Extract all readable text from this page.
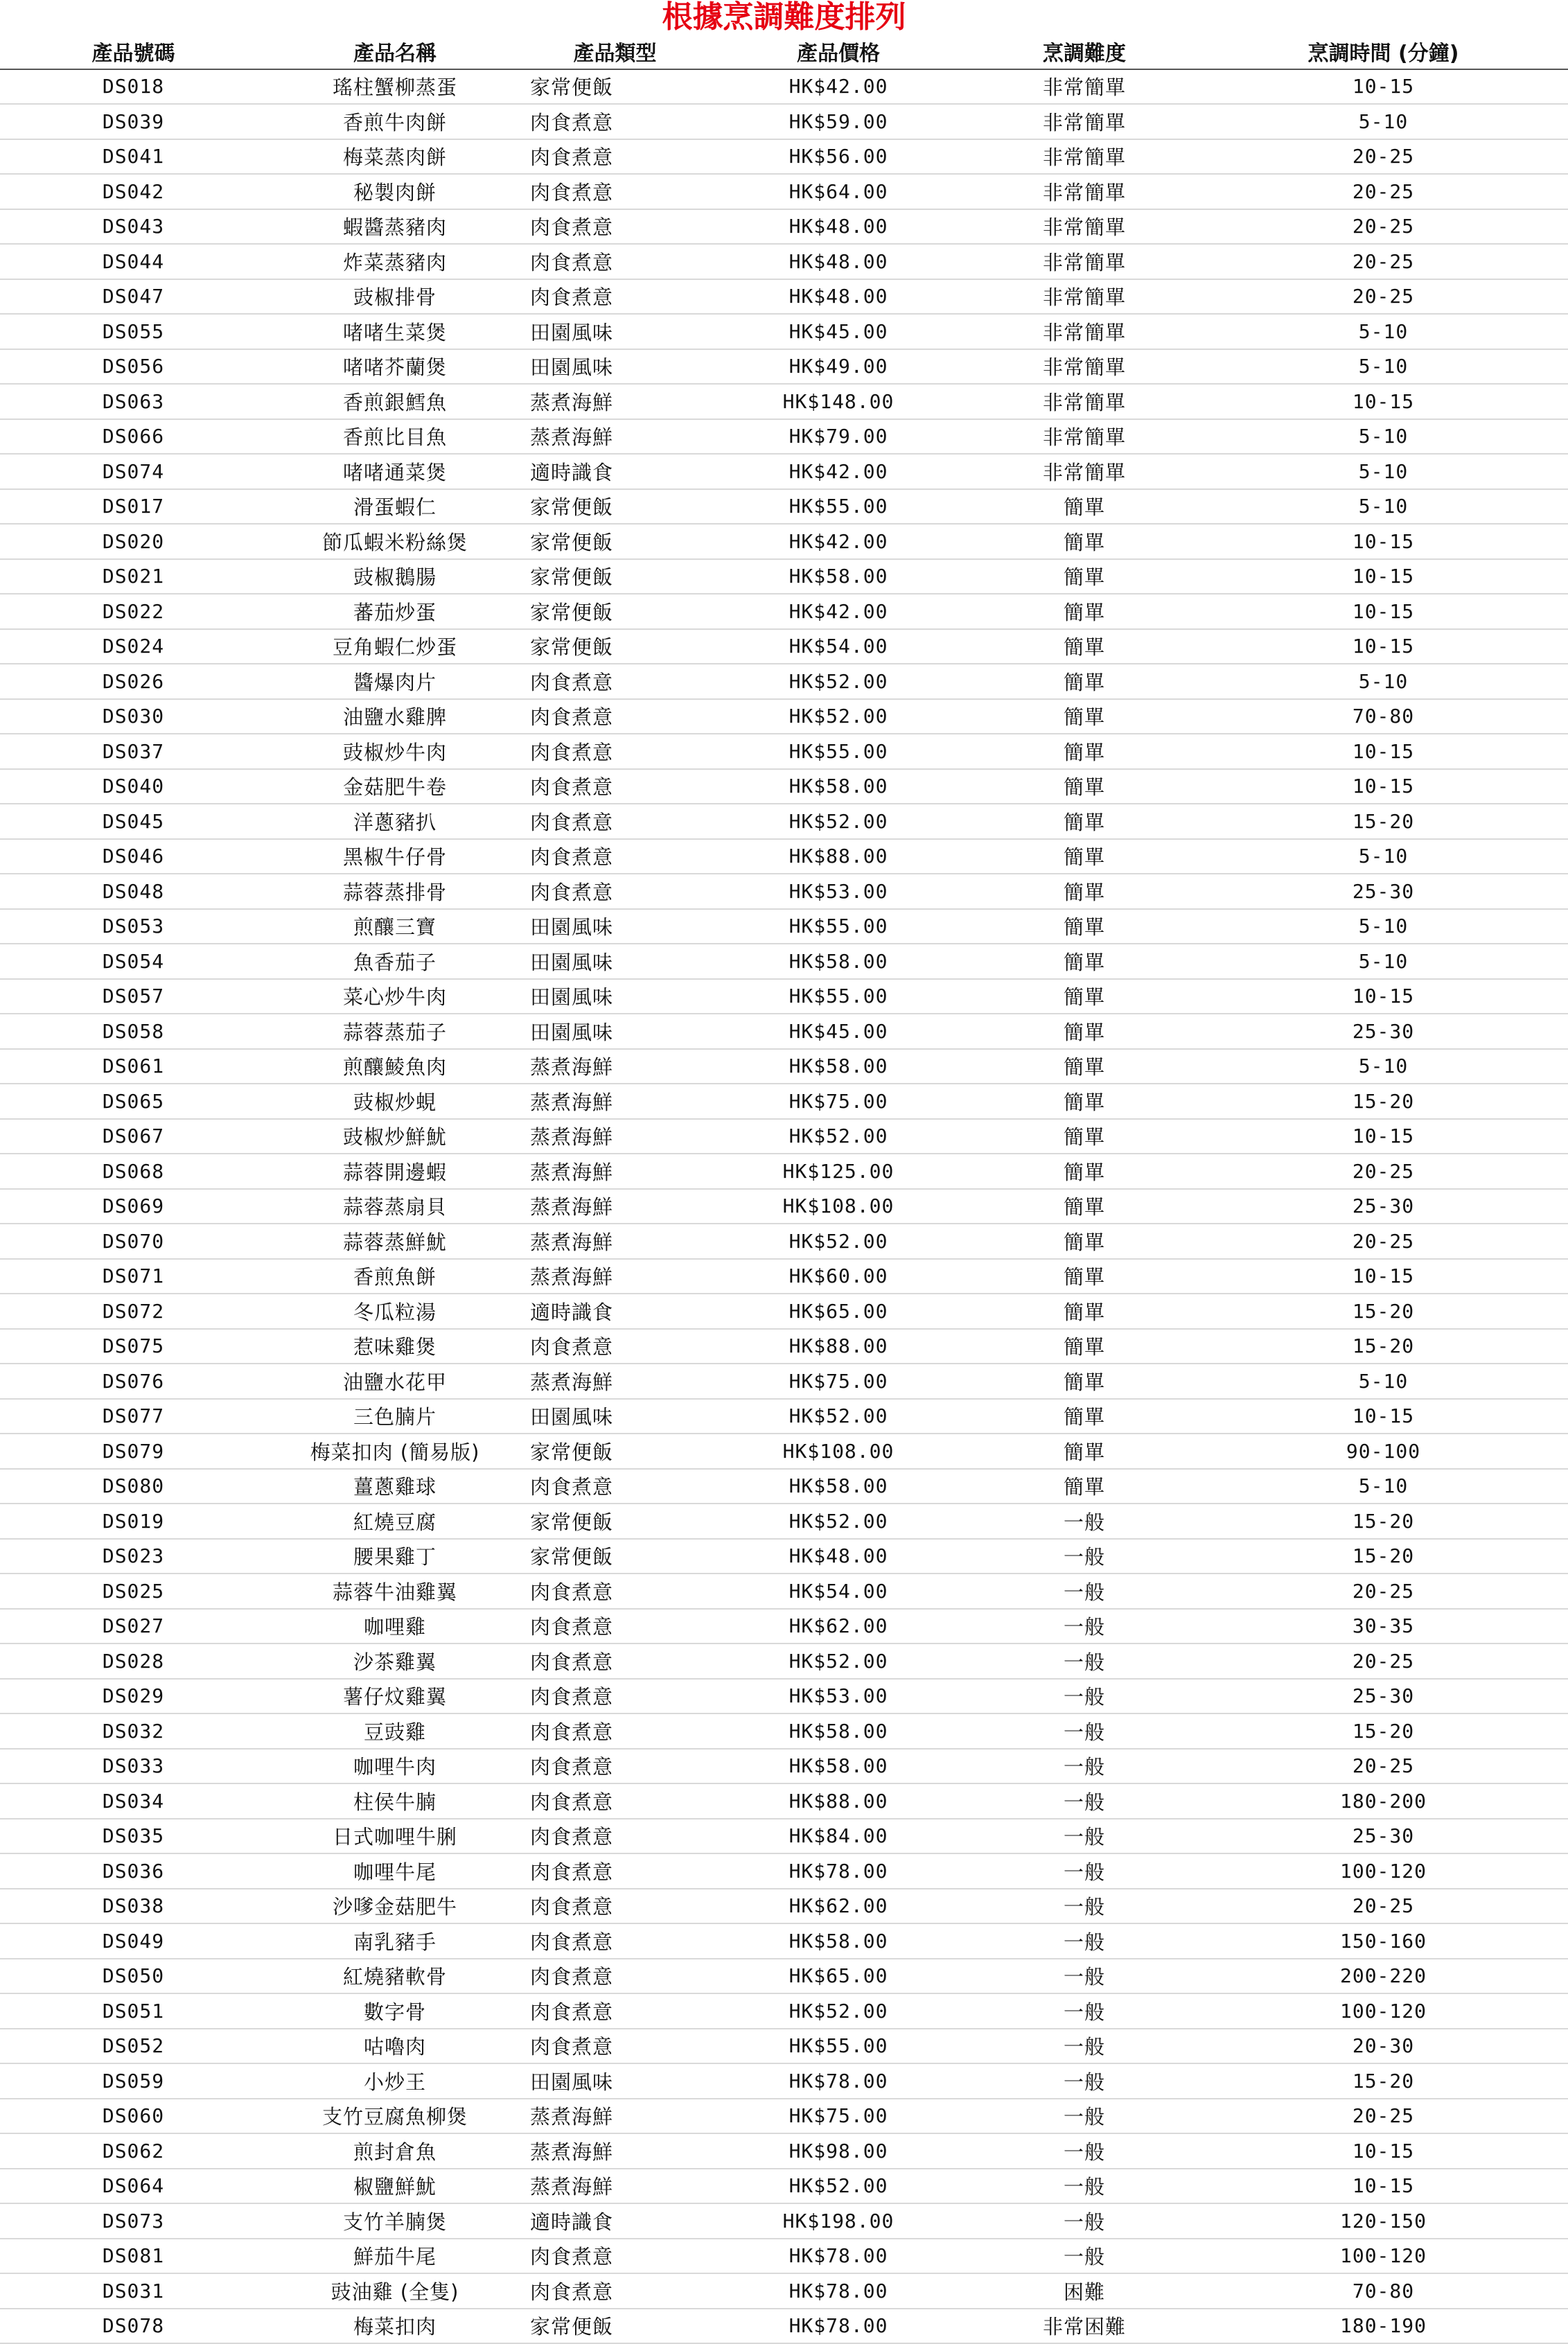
根據烹調難度排列
產品號碼	產品名稱	產品類型	產品價格	烹調難度	烹調時間 (分鐘)
DS018	瑤柱蟹柳蒸蛋	家常便飯	HK$42.00	非常簡單	10-15
DS039	香煎牛肉餅	肉食煮意	HK$59.00	非常簡單	5-10
DS041	梅菜蒸肉餅	肉食煮意	HK$56.00	非常簡單	20-25
DS042	秘製肉餅	肉食煮意	HK$64.00	非常簡單	20-25
DS043	蝦醬蒸豬肉	肉食煮意	HK$48.00	非常簡單	20-25
DS044	炸菜蒸豬肉	肉食煮意	HK$48.00	非常簡單	20-25
DS047	豉椒排骨	肉食煮意	HK$48.00	非常簡單	20-25
DS055	啫啫生菜煲	田園風味	HK$45.00	非常簡單	5-10
DS056	啫啫芥蘭煲	田園風味	HK$49.00	非常簡單	5-10
DS063	香煎銀鱈魚	蒸煮海鮮	HK$148.00	非常簡單	10-15
DS066	香煎比目魚	蒸煮海鮮	HK$79.00	非常簡單	5-10
DS074	啫啫通菜煲	適時識食	HK$42.00	非常簡單	5-10
DS017	滑蛋蝦仁	家常便飯	HK$55.00	簡單	5-10
DS020	節瓜蝦米粉絲煲	家常便飯	HK$42.00	簡單	10-15
DS021	豉椒鵝腸	家常便飯	HK$58.00	簡單	10-15
DS022	蕃茄炒蛋	家常便飯	HK$42.00	簡單	10-15
DS024	豆角蝦仁炒蛋	家常便飯	HK$54.00	簡單	10-15
DS026	醬爆肉片	肉食煮意	HK$52.00	簡單	5-10
DS030	油鹽水雞脾	肉食煮意	HK$52.00	簡單	70-80
DS037	豉椒炒牛肉	肉食煮意	HK$55.00	簡單	10-15
DS040	金菇肥牛卷	肉食煮意	HK$58.00	簡單	10-15
DS045	洋蔥豬扒	肉食煮意	HK$52.00	簡單	15-20
DS046	黑椒牛仔骨	肉食煮意	HK$88.00	簡單	5-10
DS048	蒜蓉蒸排骨	肉食煮意	HK$53.00	簡單	25-30
DS053	煎釀三寶	田園風味	HK$55.00	簡單	5-10
DS054	魚香茄子	田園風味	HK$58.00	簡單	5-10
DS057	菜心炒牛肉	田園風味	HK$55.00	簡單	10-15
DS058	蒜蓉蒸茄子	田園風味	HK$45.00	簡單	25-30
DS061	煎釀鯪魚肉	蒸煮海鮮	HK$58.00	簡單	5-10
DS065	豉椒炒蜆	蒸煮海鮮	HK$75.00	簡單	15-20
DS067	豉椒炒鮮魷	蒸煮海鮮	HK$52.00	簡單	10-15
DS068	蒜蓉開邊蝦	蒸煮海鮮	HK$125.00	簡單	20-25
DS069	蒜蓉蒸扇貝	蒸煮海鮮	HK$108.00	簡單	25-30
DS070	蒜蓉蒸鮮魷	蒸煮海鮮	HK$52.00	簡單	20-25
DS071	香煎魚餅	蒸煮海鮮	HK$60.00	簡單	10-15
DS072	冬瓜粒湯	適時識食	HK$65.00	簡單	15-20
DS075	惹味雞煲	肉食煮意	HK$88.00	簡單	15-20
DS076	油鹽水花甲	蒸煮海鮮	HK$75.00	簡單	5-10
DS077	三色腩片	田園風味	HK$52.00	簡單	10-15
DS079	梅菜扣肉 (簡易版)	家常便飯	HK$108.00	簡單	90-100
DS080	薑蔥雞球	肉食煮意	HK$58.00	簡單	5-10
DS019	紅燒豆腐	家常便飯	HK$52.00	一般	15-20
DS023	腰果雞丁	家常便飯	HK$48.00	一般	15-20
DS025	蒜蓉牛油雞翼	肉食煮意	HK$54.00	一般	20-25
DS027	咖哩雞	肉食煮意	HK$62.00	一般	30-35
DS028	沙茶雞翼	肉食煮意	HK$52.00	一般	20-25
DS029	薯仔炆雞翼	肉食煮意	HK$53.00	一般	25-30
DS032	豆豉雞	肉食煮意	HK$58.00	一般	15-20
DS033	咖哩牛肉	肉食煮意	HK$58.00	一般	20-25
DS034	柱侯牛腩	肉食煮意	HK$88.00	一般	180-200
DS035	日式咖哩牛脷	肉食煮意	HK$84.00	一般	25-30
DS036	咖哩牛尾	肉食煮意	HK$78.00	一般	100-120
DS038	沙嗲金菇肥牛	肉食煮意	HK$62.00	一般	20-25
DS049	南乳豬手	肉食煮意	HK$58.00	一般	150-160
DS050	紅燒豬軟骨	肉食煮意	HK$65.00	一般	200-220
DS051	數字骨	肉食煮意	HK$52.00	一般	100-120
DS052	咕嚕肉	肉食煮意	HK$55.00	一般	20-30
DS059	小炒王	田園風味	HK$78.00	一般	15-20
DS060	支竹豆腐魚柳煲	蒸煮海鮮	HK$75.00	一般	20-25
DS062	煎封倉魚	蒸煮海鮮	HK$98.00	一般	10-15
DS064	椒鹽鮮魷	蒸煮海鮮	HK$52.00	一般	10-15
DS073	支竹羊腩煲	適時識食	HK$198.00	一般	120-150
DS081	鮮茄牛尾	肉食煮意	HK$78.00	一般	100-120
DS031	豉油雞 (全隻)	肉食煮意	HK$78.00	困難	70-80
DS078	梅菜扣肉	家常便飯	HK$78.00	非常困難	180-190
